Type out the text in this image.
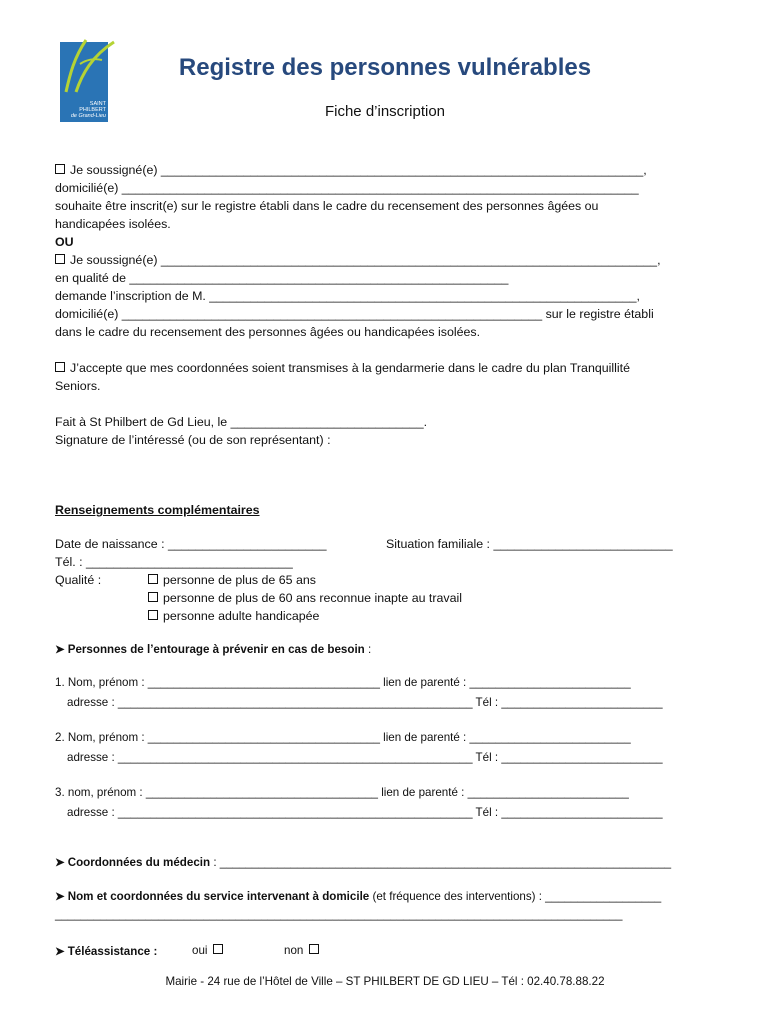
SAINT
PHILBERT
de Grand-Lieu
Registre des personnes vulnérables
Fiche d’inscription
Je soussigné(e) ______________________________________________________________________,
domicilié(e) ___________________________________________________________________________
souhaite être inscrit(e) sur le registre établi dans le cadre du recensement des personnes âgées ou
handicapées isolées.
OU
Je soussigné(e) ________________________________________________________________________,
en qualité de _______________________________________________________
demande l’inscription de M. ______________________________________________________________,
domicilié(e) _____________________________________________________________ sur le registre établi
dans le cadre du recensement des personnes âgées ou handicapées isolées.
J’accepte que mes coordonnées soient transmises à la gendarmerie dans le cadre du plan Tranquillité
Seniors.
Fait à St Philbert de Gd Lieu, le ____________________________.
Signature de l’intéressé (ou de son représentant) :
Renseignements complémentaires
Date de naissance : _______________________	Situation familiale : __________________________
Tél. : ______________________________
Qualité :	personne de plus de 65 ans
personne de plus de 60 ans reconnue inapte au travail
personne adulte handicapée
➤ Personnes de l’entourage à prévenir en cas de besoin :
1. Nom, prénom : ____________________________________ lien de parenté : _________________________
adresse : _______________________________________________________ Tél : _________________________
2. Nom, prénom : ____________________________________ lien de parenté : _________________________
adresse : _______________________________________________________ Tél : _________________________
3. nom, prénom : ____________________________________ lien de parenté : _________________________
adresse : _______________________________________________________ Tél : _________________________
➤ Coordonnées du médecin : ______________________________________________________________________
➤ Nom et coordonnées du service intervenant à domicile (et fréquence des interventions) : __________________
________________________________________________________________________________________
➤ Téléassistance :	oui	non
Mairie - 24 rue de l’Hôtel de Ville – ST PHILBERT DE GD LIEU – Tél : 02.40.78.88.22
